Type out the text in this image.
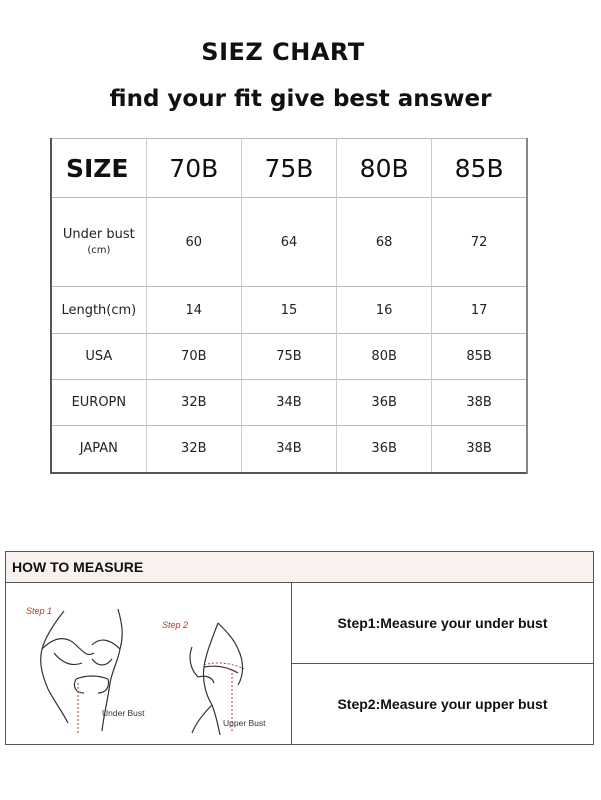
SIEZ CHART
find your fit give best answer
SIZE	70B	75B	80B	85B
Under bust (cm)	60	64	68	72
Length(cm)	14	15	16	17
USA	70B	75B	80B	85B
EUROPN	32B	34B	36B	38B
JAPAN	32B	34B	36B	38B
HOW TO MEASURE
Step 1
Under Bust
Step 2
Upper Bust
Step1:Measure your under bust
Step2:Measure your upper bust
